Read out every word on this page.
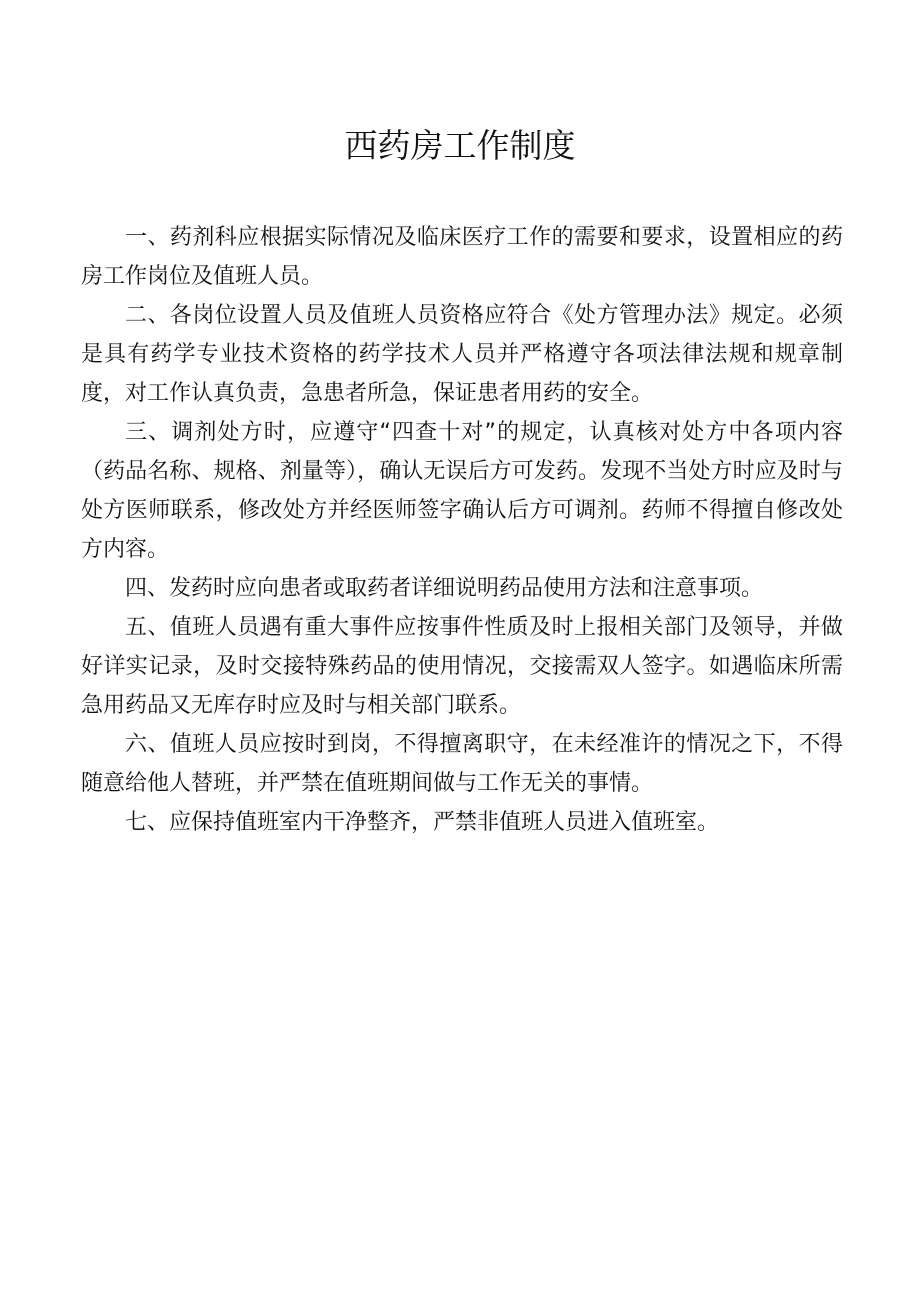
西药房工作制度

一、药剂科应根据实际情况及临床医疗工作的需要和要求，设置相应的药房工作岗位及值班人员。

二、各岗位设置人员及值班人员资格应符合《处方管理办法》规定。必须是具有药学专业技术资格的药学技术人员并严格遵守各项法律法规和规章制度，对工作认真负责，急患者所急，保证患者用药的安全。

三、调剂处方时，应遵守“四查十对”的规定，认真核对处方中各项内容（药品名称、规格、剂量等），确认无误后方可发药。发现不当处方时应及时与处方医师联系，修改处方并经医师签字确认后方可调剂。药师不得擅自修改处方内容。

四、发药时应向患者或取药者详细说明药品使用方法和注意事项。

五、值班人员遇有重大事件应按事件性质及时上报相关部门及领导，并做好详实记录，及时交接特殊药品的使用情况，交接需双人签字。如遇临床所需急用药品又无库存时应及时与相关部门联系。

六、值班人员应按时到岗，不得擅离职守，在未经准许的情况之下，不得随意给他人替班，并严禁在值班期间做与工作无关的事情。

七、应保持值班室内干净整齐，严禁非值班人员进入值班室。
